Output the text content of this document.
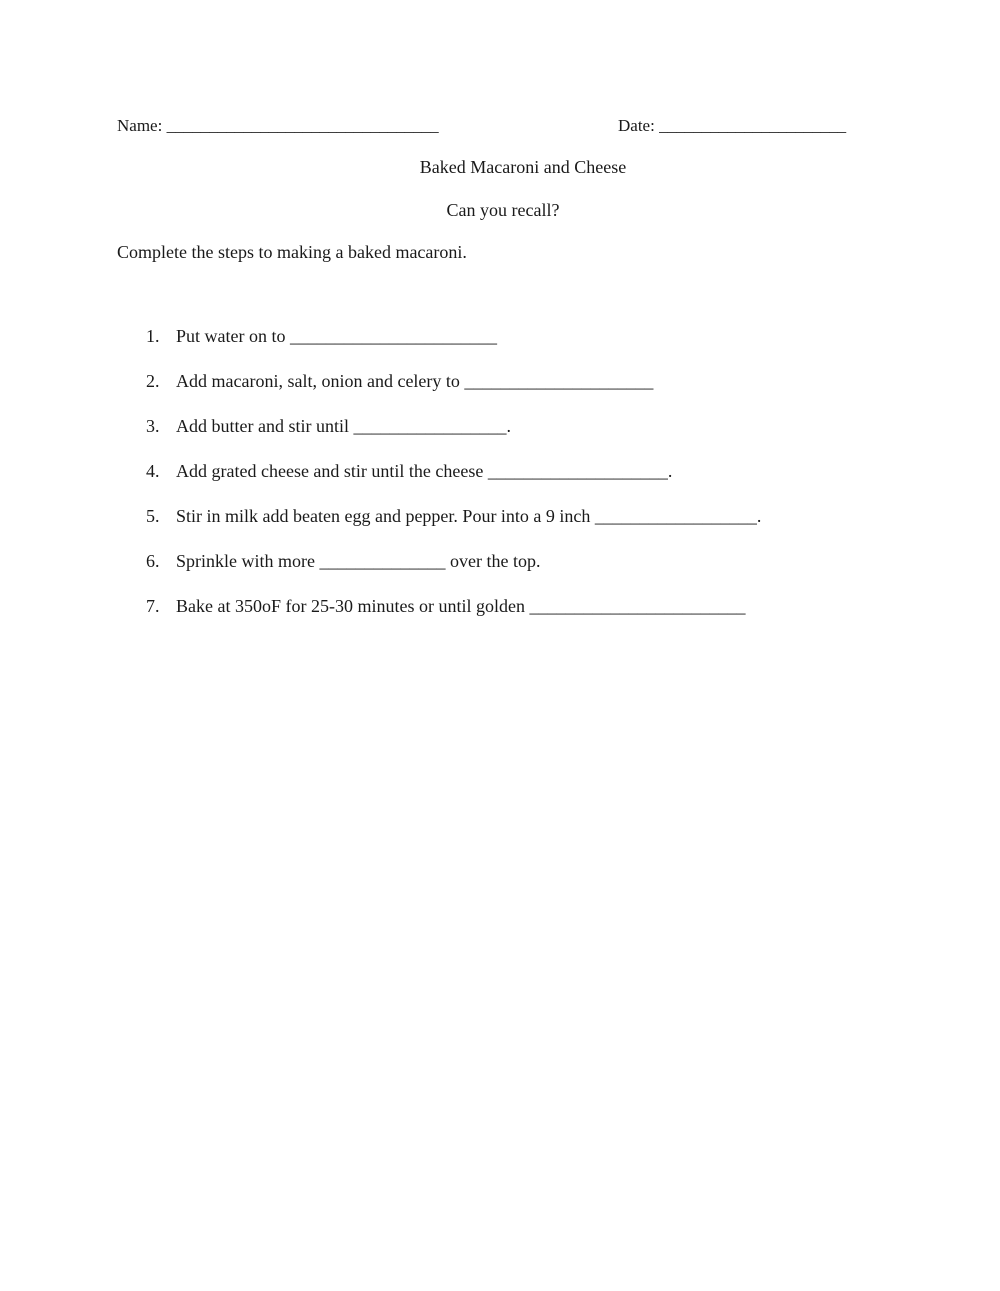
Name: ________________________________	Date: ______________________
Baked Macaroni and Cheese
Can you recall?
Complete the steps to making a baked macaroni.
1. Put water on to _______________________
2. Add macaroni, salt, onion and celery to _____________________
3. Add butter and stir until _________________.
4. Add grated cheese and stir until the cheese ____________________.
5. Stir in milk add beaten egg and pepper. Pour into a 9 inch __________________.
6. Sprinkle with more ______________ over the top.
7. Bake at 350oF for 25-30 minutes or until golden ________________________
